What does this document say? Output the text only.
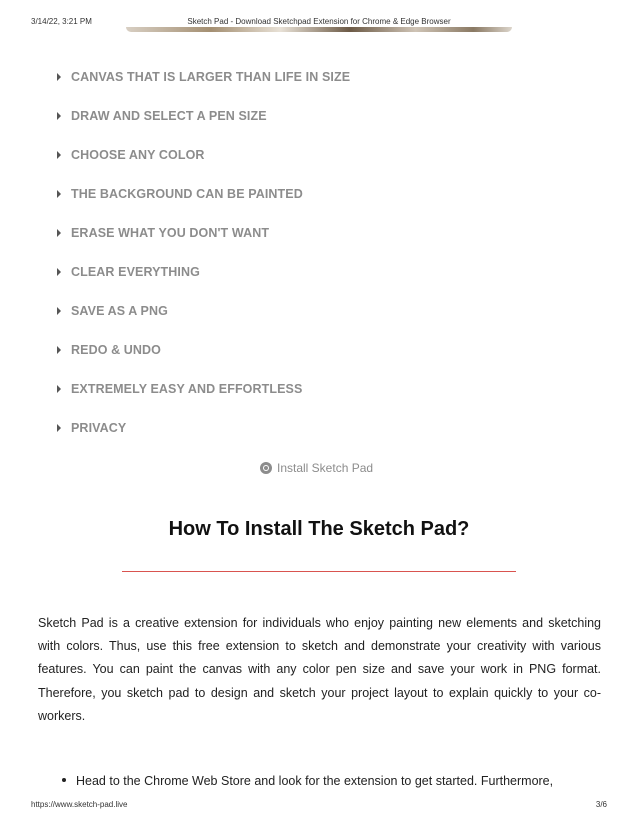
3/14/22, 3:21 PM	Sketch Pad - Download Sketchpad Extension for Chrome & Edge Browser
CANVAS THAT IS LARGER THAN LIFE IN SIZE
DRAW AND SELECT A PEN SIZE
CHOOSE ANY COLOR
THE BACKGROUND CAN BE PAINTED
ERASE WHAT YOU DON'T WANT
CLEAR EVERYTHING
SAVE AS A PNG
REDO & UNDO
EXTREMELY EASY AND EFFORTLESS
PRIVACY
Install Sketch Pad
How To Install The Sketch Pad?

Sketch Pad is a creative extension for individuals who enjoy painting new elements and sketching with colors. Thus, use this free extension to sketch and demonstrate your creativity with various features. You can paint the canvas with any color pen size and save your work in PNG format. Therefore, you sketch pad to design and sketch your project layout to explain quickly to your co-workers.

Head to the Chrome Web Store and look for the extension to get started. Furthermore,
https://www.sketch-pad.live	3/6
